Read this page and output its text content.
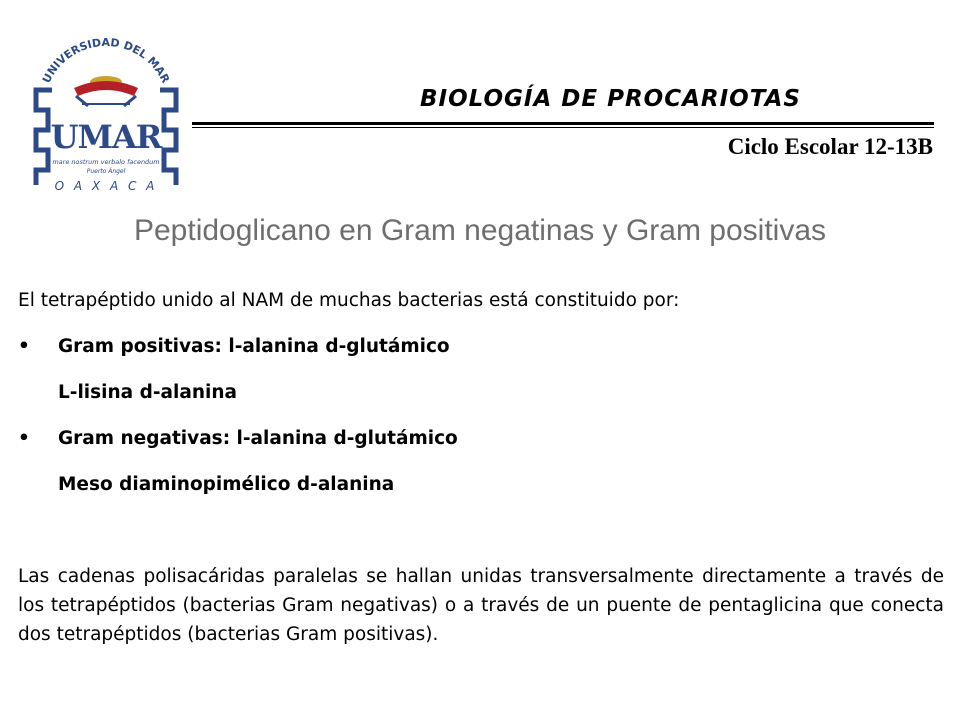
UNIVERSIDAD DEL MAR
UMAR
mare nostrum verbalo facendum
Puerto Ángel
O A X A C A
BIOLOGÍA DE PROCARIOTAS
Ciclo Escolar 12-13B
Peptidoglicano en Gram negatinas y Gram positivas
El tetrapéptido unido al NAM de muchas bacterias está constituido por:
• Gram positivas: l-alanina d-glutámico
L-lisina d-alanina
• Gram negativas: l-alanina d-glutámico
Meso diaminopimélico d-alanina
Las cadenas polisacáridas paralelas se hallan unidas transversalmente directamente a través de los tetrapéptidos (bacterias Gram negativas) o a través de un puente de pentaglicina que conecta dos tetrapéptidos (bacterias Gram positivas).
